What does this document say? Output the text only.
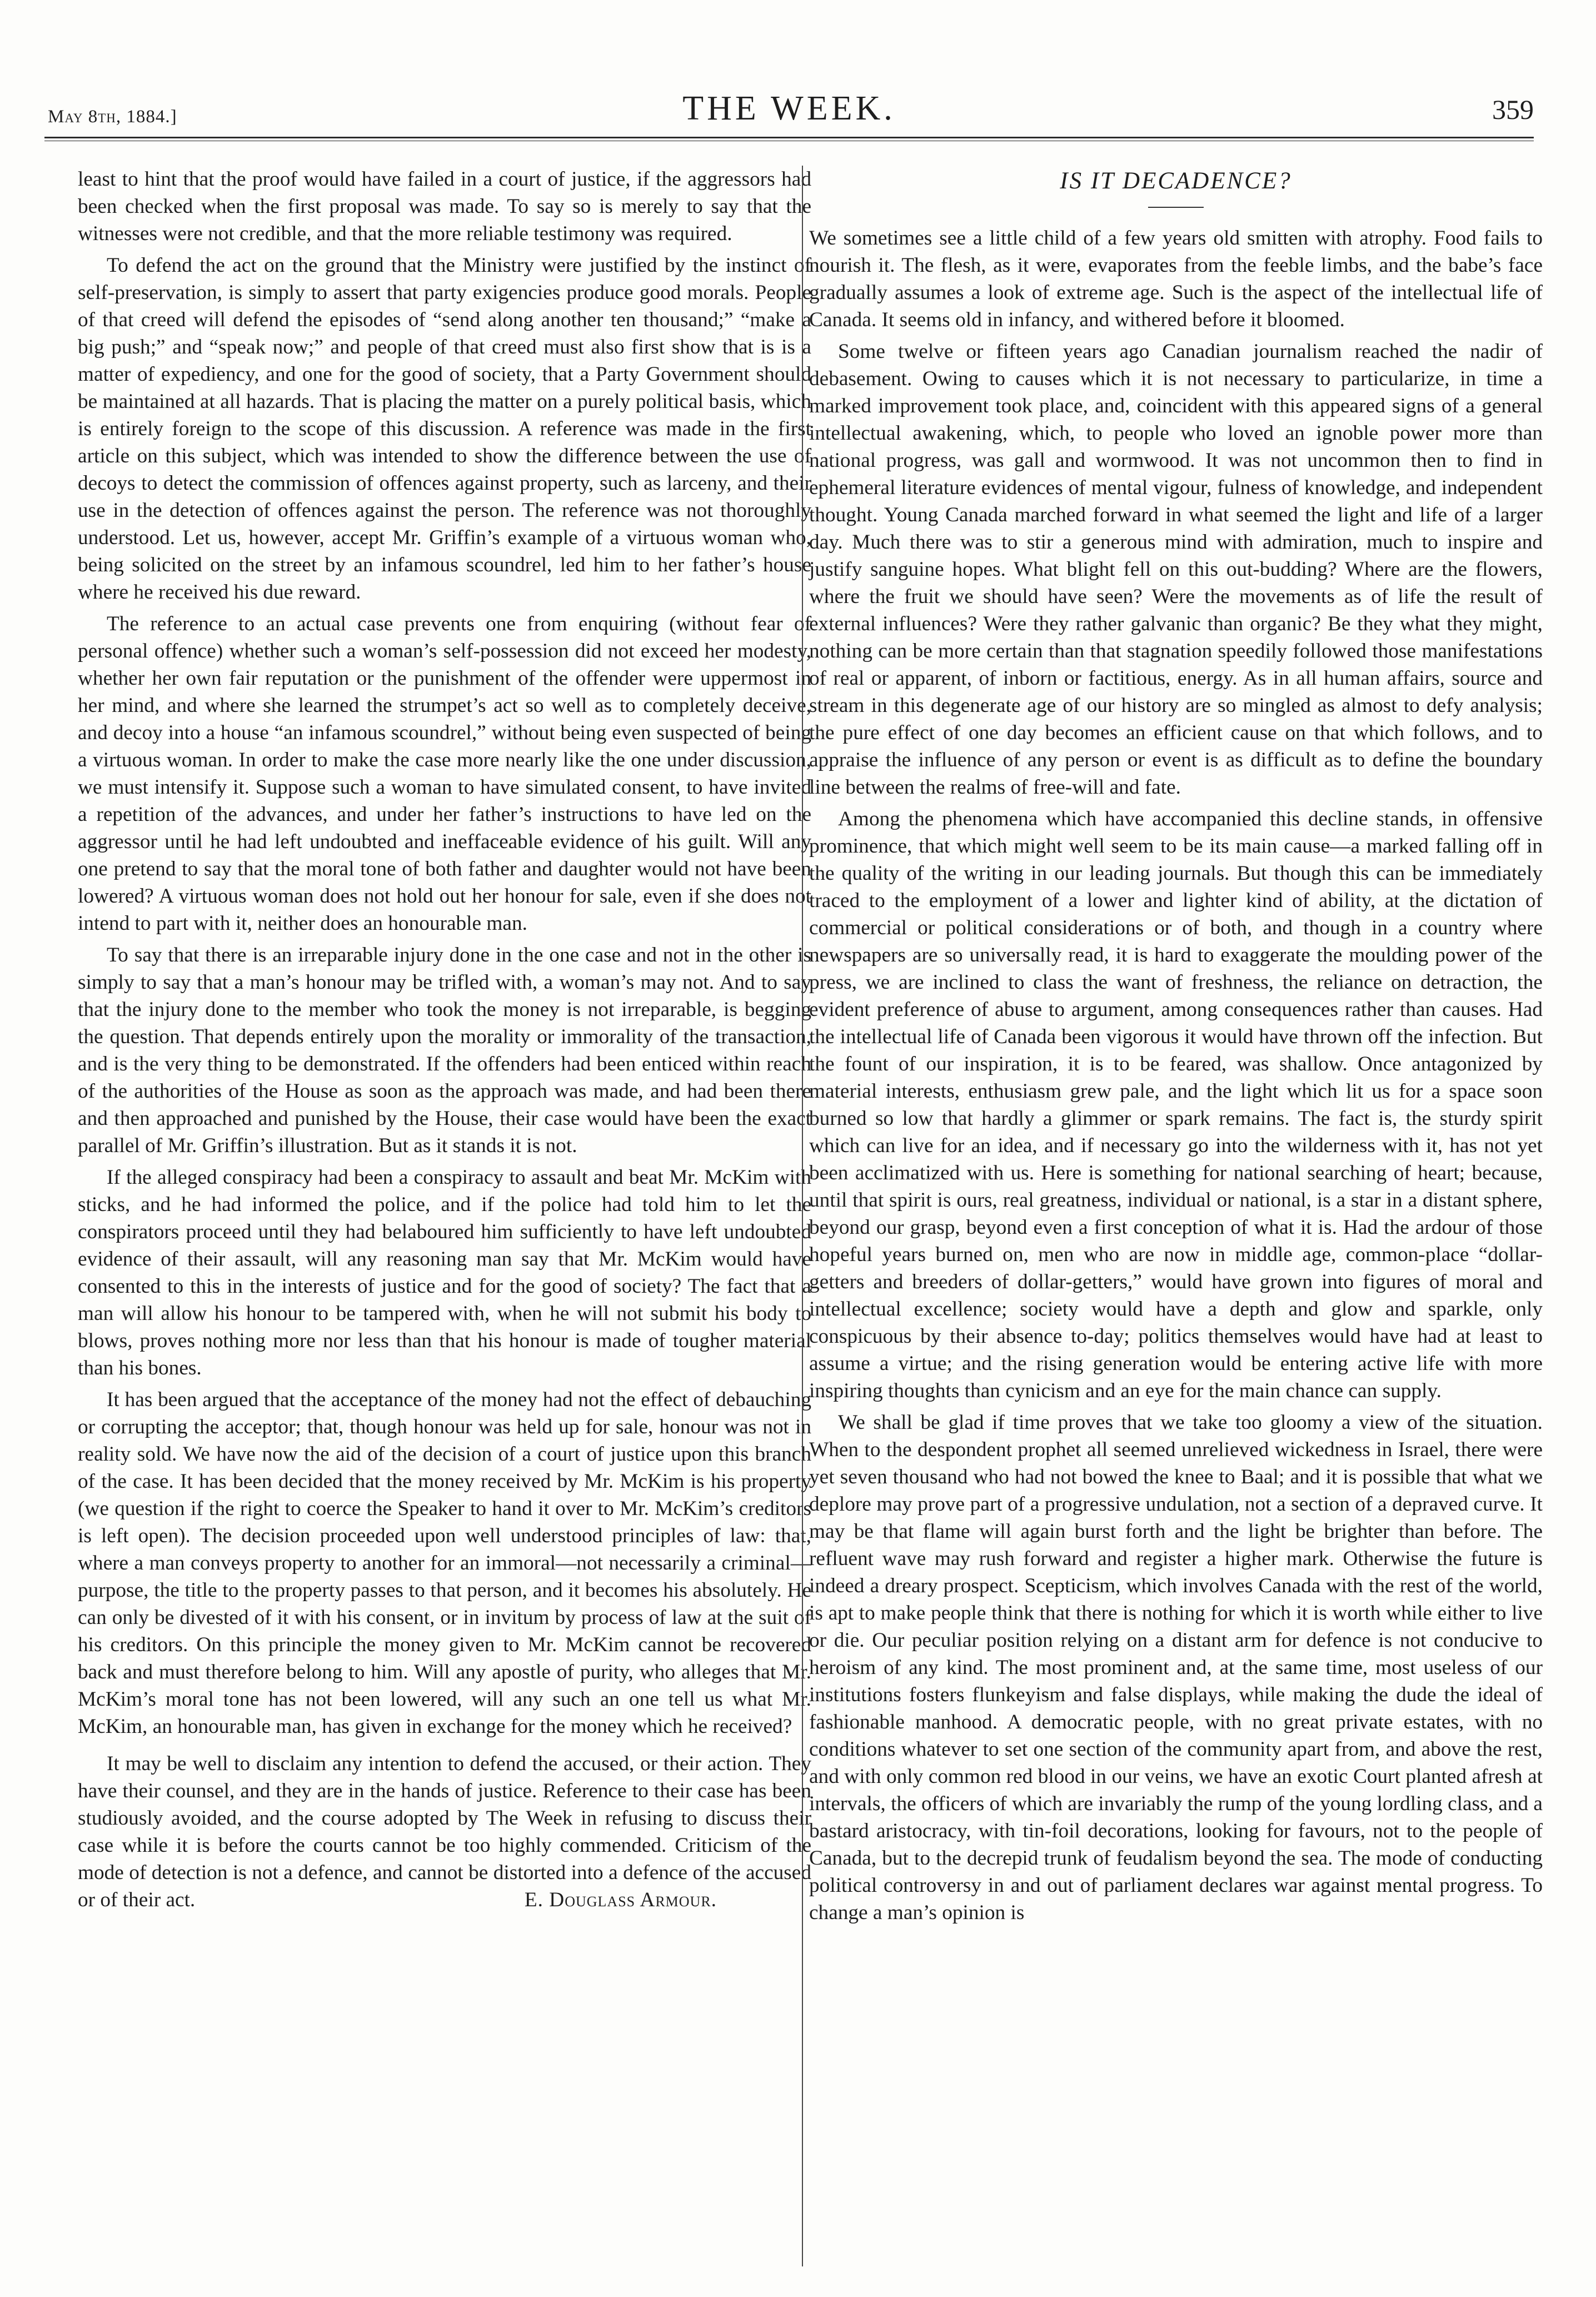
May 8th, 1884.]	THE WEEK.	359

least to hint that the proof would have failed in a court of justice, if the aggressors had been checked when the first proposal was made. To say so is merely to say that the witnesses were not credible, and that the more reliable testimony was required.

To defend the act on the ground that the Ministry were justified by the instinct of self-preservation, is simply to assert that party exigencies produce good morals. People of that creed will defend the episodes of “send along another ten thousand;” “make a big push;” and “speak now;” and people of that creed must also first show that is is a matter of expediency, and one for the good of society, that a Party Government should be maintained at all hazards. That is placing the matter on a purely political basis, which is entirely foreign to the scope of this discussion. A reference was made in the first article on this subject, which was intended to show the difference between the use of decoys to detect the commission of offences against property, such as larceny, and their use in the detection of offences against the person. The reference was not thoroughly understood. Let us, however, accept Mr. Griffin’s example of a virtuous woman who, being solicited on the street by an infamous scoundrel, led him to her father’s house where he received his due reward.

The reference to an actual case prevents one from enquiring (without fear of personal offence) whether such a woman’s self-possession did not exceed her modesty, whether her own fair reputation or the punishment of the offender were uppermost in her mind, and where she learned the strumpet’s act so well as to completely deceive, and decoy into a house “an infamous scoundrel,” without being even suspected of being a virtuous woman. In order to make the case more nearly like the one under discussion, we must intensify it. Suppose such a woman to have simulated consent, to have invited a repetition of the advances, and under her father’s instructions to have led on the aggressor until he had left undoubted and ineffaceable evidence of his guilt. Will any one pretend to say that the moral tone of both father and daughter would not have been lowered? A virtuous woman does not hold out her honour for sale, even if she does not intend to part with it, neither does an honourable man.

To say that there is an irreparable injury done in the one case and not in the other is simply to say that a man’s honour may be trifled with, a woman’s may not. And to say that the injury done to the member who took the money is not irreparable, is begging the question. That depends entirely upon the morality or immorality of the transaction, and is the very thing to be demonstrated. If the offenders had been enticed within reach of the authorities of the House as soon as the approach was made, and had been there and then approached and punished by the House, their case would have been the exact parallel of Mr. Griffin’s illustration. But as it stands it is not.

If the alleged conspiracy had been a conspiracy to assault and beat Mr. McKim with sticks, and he had informed the police, and if the police had told him to let the conspirators proceed until they had belaboured him sufficiently to have left undoubted evidence of their assault, will any reasoning man say that Mr. McKim would have consented to this in the interests of justice and for the good of society? The fact that a man will allow his honour to be tampered with, when he will not submit his body to blows, proves nothing more nor less than that his honour is made of tougher material than his bones.

It has been argued that the acceptance of the money had not the effect of debauching or corrupting the acceptor; that, though honour was held up for sale, honour was not in reality sold. We have now the aid of the decision of a court of justice upon this branch of the case. It has been decided that the money received by Mr. McKim is his property (we question if the right to coerce the Speaker to hand it over to Mr. McKim’s creditors is left open). The decision proceeded upon well understood principles of law: that, where a man conveys property to another for an immoral—not necessarily a criminal—purpose, the title to the property passes to that person, and it becomes his absolutely. He can only be divested of it with his consent, or in invitum by process of law at the suit of his creditors. On this principle the money given to Mr. McKim cannot be recovered back and must therefore belong to him. Will any apostle of purity, who alleges that Mr. McKim’s moral tone has not been lowered, will any such an one tell us what Mr. McKim, an honourable man, has given in exchange for the money which he received?

It may be well to disclaim any intention to defend the accused, or their action. They have their counsel, and they are in the hands of justice. Reference to their case has been studiously avoided, and the course adopted by The Week in refusing to discuss their case while it is before the courts cannot be too highly commended. Criticism of the mode of detection is not a defence, and cannot be distorted into a defence of the accused or of their act.	E. Douglass Armour.

IS IT DECADENCE?

We sometimes see a little child of a few years old smitten with atrophy. Food fails to nourish it. The flesh, as it were, evaporates from the feeble limbs, and the babe’s face gradually assumes a look of extreme age. Such is the aspect of the intellectual life of Canada. It seems old in infancy, and withered before it bloomed.

Some twelve or fifteen years ago Canadian journalism reached the nadir of debasement. Owing to causes which it is not necessary to particularize, in time a marked improvement took place, and, coincident with this appeared signs of a general intellectual awakening, which, to people who loved an ignoble power more than national progress, was gall and wormwood. It was not uncommon then to find in ephemeral literature evidences of mental vigour, fulness of knowledge, and independent thought. Young Canada marched forward in what seemed the light and life of a larger day. Much there was to stir a generous mind with admiration, much to inspire and justify sanguine hopes. What blight fell on this out-budding? Where are the flowers, where the fruit we should have seen? Were the movements as of life the result of external influences? Were they rather galvanic than organic? Be they what they might, nothing can be more certain than that stagnation speedily followed those manifestations of real or apparent, of inborn or factitious, energy. As in all human affairs, source and stream in this degenerate age of our history are so mingled as almost to defy analysis; the pure effect of one day becomes an efficient cause on that which follows, and to appraise the influence of any person or event is as difficult as to define the boundary line between the realms of free-will and fate.

Among the phenomena which have accompanied this decline stands, in offensive prominence, that which might well seem to be its main cause—a marked falling off in the quality of the writing in our leading journals. But though this can be immediately traced to the employment of a lower and lighter kind of ability, at the dictation of commercial or political considerations or of both, and though in a country where newspapers are so universally read, it is hard to exaggerate the moulding power of the press, we are inclined to class the want of freshness, the reliance on detraction, the evident preference of abuse to argument, among consequences rather than causes. Had the intellectual life of Canada been vigorous it would have thrown off the infection. But the fount of our inspiration, it is to be feared, was shallow. Once antagonized by material interests, enthusiasm grew pale, and the light which lit us for a space soon burned so low that hardly a glimmer or spark remains. The fact is, the sturdy spirit which can live for an idea, and if necessary go into the wilderness with it, has not yet been acclimatized with us. Here is something for national searching of heart; because, until that spirit is ours, real greatness, individual or national, is a star in a distant sphere, beyond our grasp, beyond even a first conception of what it is. Had the ardour of those hopeful years burned on, men who are now in middle age, common-place “dollar-getters and breeders of dollar-getters,” would have grown into figures of moral and intellectual excellence; society would have a depth and glow and sparkle, only conspicuous by their absence to-day; politics themselves would have had at least to assume a virtue; and the rising generation would be entering active life with more inspiring thoughts than cynicism and an eye for the main chance can supply.

We shall be glad if time proves that we take too gloomy a view of the situation. When to the despondent prophet all seemed unrelieved wickedness in Israel, there were yet seven thousand who had not bowed the knee to Baal; and it is possible that what we deplore may prove part of a progressive undulation, not a section of a depraved curve. It may be that flame will again burst forth and the light be brighter than before. The refluent wave may rush forward and register a higher mark. Otherwise the future is indeed a dreary prospect. Scepticism, which involves Canada with the rest of the world, is apt to make people think that there is nothing for which it is worth while either to live or die. Our peculiar position relying on a distant arm for defence is not conducive to heroism of any kind. The most prominent and, at the same time, most useless of our institutions fosters flunkeyism and false displays, while making the dude the ideal of fashionable manhood. A democratic people, with no great private estates, with no conditions whatever to set one section of the community apart from, and above the rest, and with only common red blood in our veins, we have an exotic Court planted afresh at intervals, the officers of which are invariably the rump of the young lordling class, and a bastard aristocracy, with tin-foil decorations, looking for favours, not to the people of Canada, but to the decrepid trunk of feudalism beyond the sea. The mode of conducting political controversy in and out of parliament declares war against mental progress. To change a man’s opinion is
